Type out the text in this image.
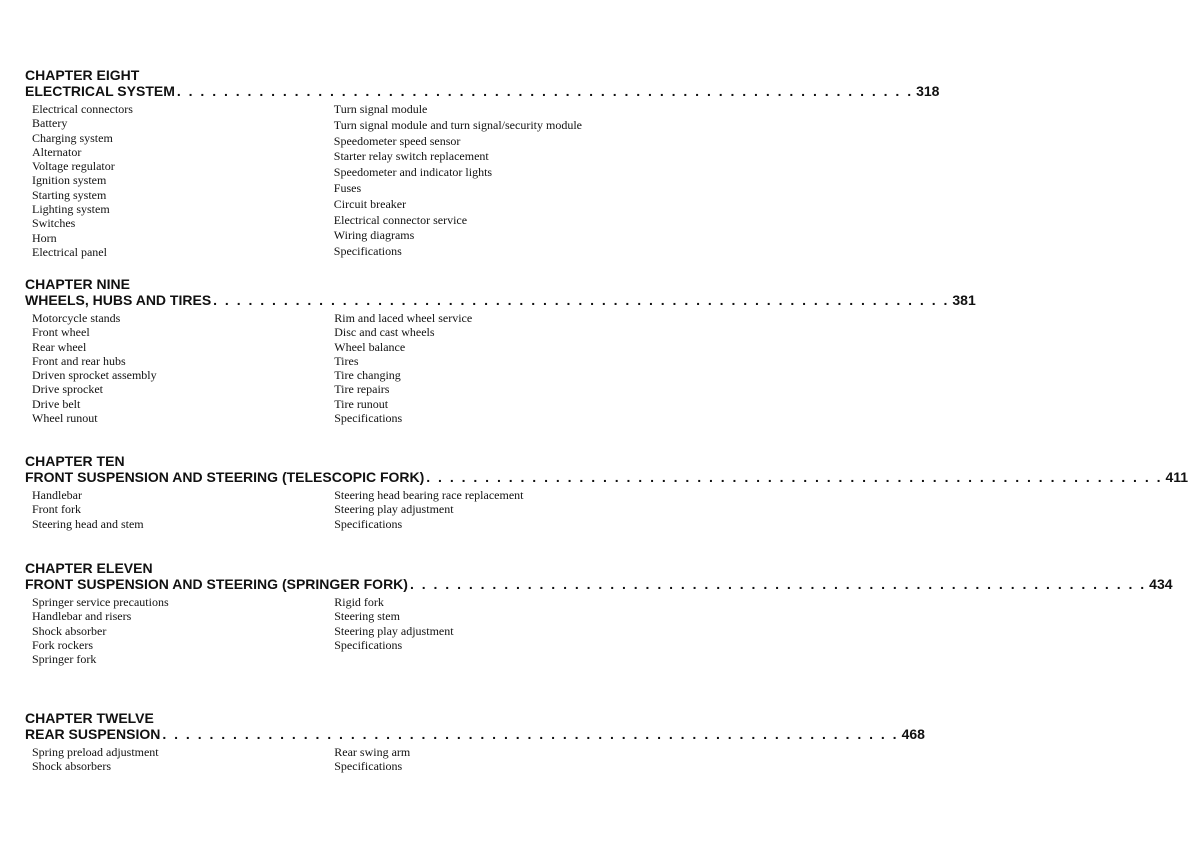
CHAPTER EIGHT
ELECTRICAL SYSTEM . . . . . . . . . . . . . . . . . . . . . . . . . . . . . . . . . . . . . . . . . . . . . . . . . . . . . . . . . . . . . . . 318
Electrical connectors
Battery
Charging system
Alternator
Voltage regulator
Ignition system
Starting system
Lighting system
Switches
Horn
Electrical panel
Turn signal module
Turn signal module and turn signal/security module
Speedometer speed sensor
Starter relay switch replacement
Speedometer and indicator lights
Fuses
Circuit breaker
Electrical connector service
Wiring diagrams
Specifications
CHAPTER NINE
WHEELS, HUBS AND TIRES . . . . . . . . . . . . . . . . . . . . . . . . . . . . . . . . . . . . . . . . . . . . . . . . . . . . . . . . . . . . . . . 381
Motorcycle stands
Front wheel
Rear wheel
Front and rear hubs
Driven sprocket assembly
Drive sprocket
Drive belt
Wheel runout
Rim and laced wheel service
Disc and cast wheels
Wheel balance
Tires
Tire changing
Tire repairs
Tire runout
Specifications
CHAPTER TEN
FRONT SUSPENSION AND STEERING (TELESCOPIC FORK) . . . . . . . . . . . . . . . . . . . . . . . . . . . . . . . . . . . . . . . . . . . . . . . . . . . . . . . . . . . . . . . 411
Handlebar
Front fork
Steering head and stem
Steering head bearing race replacement
Steering play adjustment
Specifications
CHAPTER ELEVEN
FRONT SUSPENSION AND STEERING (SPRINGER FORK) . . . . . . . . . . . . . . . . . . . . . . . . . . . . . . . . . . . . . . . . . . . . . . . . . . . . . . . . . . . . . . . 434
Springer service precautions
Handlebar and risers
Shock absorber
Fork rockers
Springer fork
Rigid fork
Steering stem
Steering play adjustment
Specifications
CHAPTER TWELVE
REAR SUSPENSION . . . . . . . . . . . . . . . . . . . . . . . . . . . . . . . . . . . . . . . . . . . . . . . . . . . . . . . . . . . . . . . 468
Spring preload adjustment
Shock absorbers
Rear swing arm
Specifications
